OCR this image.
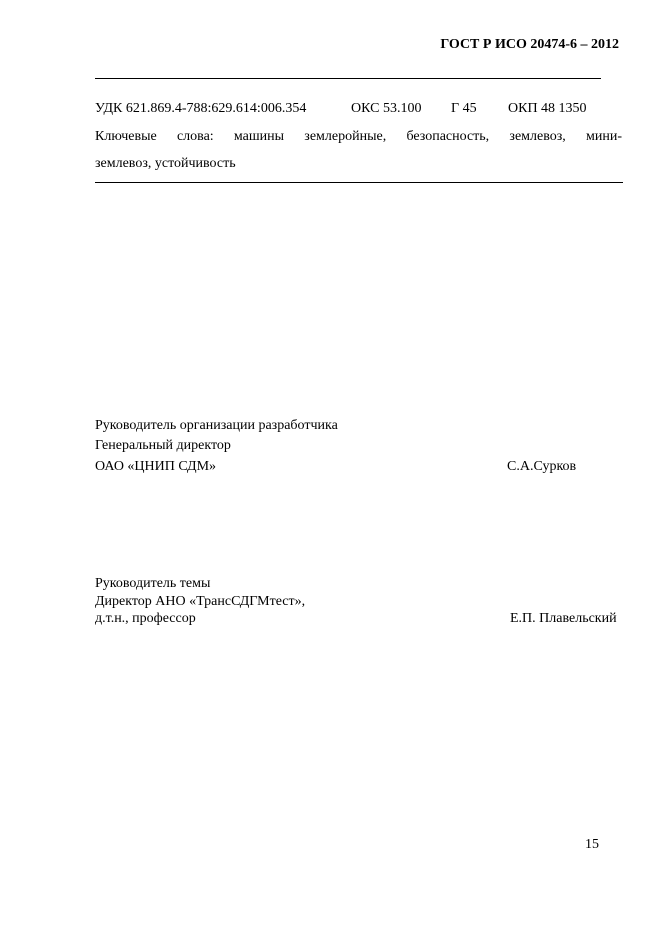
ГОСТ Р ИСО 20474-6 – 2012
УДК 621.869.4-788:629.614:006.354	ОКС 53.100 Г 45 ОКП 48 1350
Ключевые слова: машины землеройные, безопасность, землевоз, мини-
землевоз, устойчивость
Руководитель организации разработчика
Генеральный директор
ОАО «ЦНИП СДМ»	С.А.Сурков
Руководитель темы
Директор АНО «ТрансСДГМтест»,
д.т.н., профессор	Е.П. Плавельский
15
